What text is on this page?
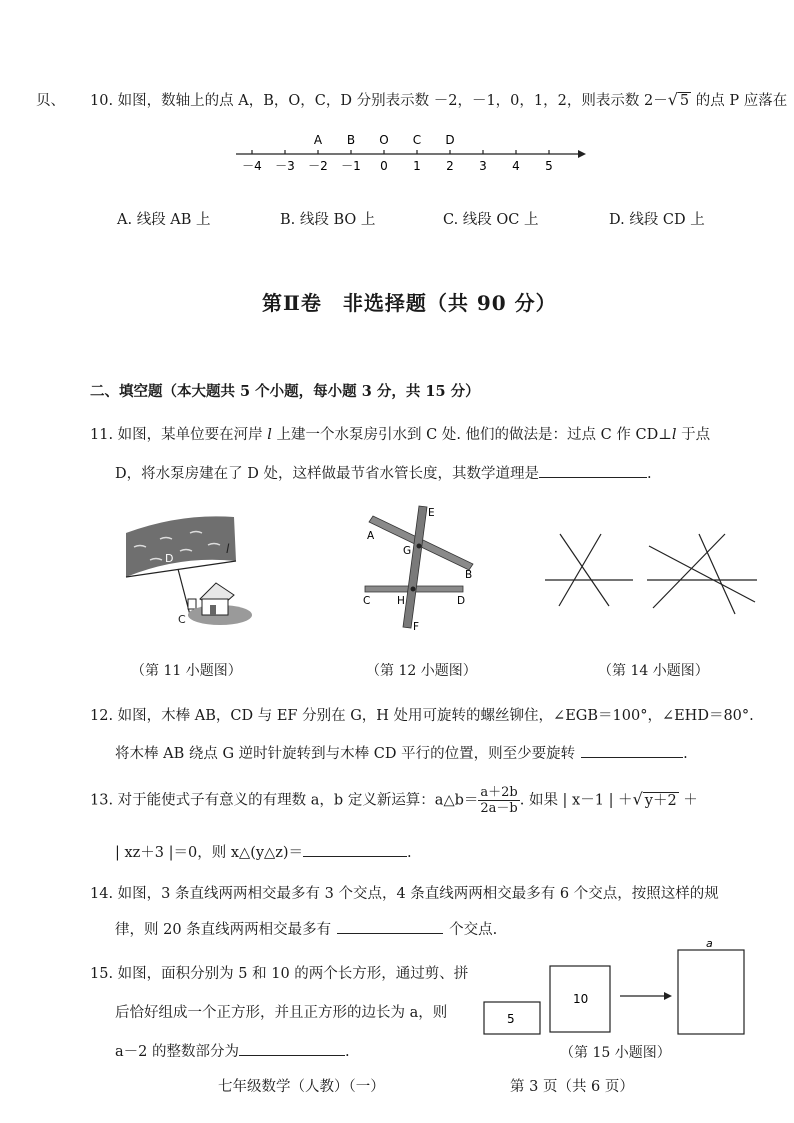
贝、 10. 如图，数轴上的点 A，B，O，C，D 分别表示数 －2，－1，0，1，2，则表示数 2－√ 5 的点 P 应落在
－4 －3 －2 －1 0 1 2 3 4 5
A B O C D
A. 线段 AB 上	B. 线段 BO 上	C. 线段 OC 上	D. 线段 CD 上
第Ⅱ卷　非选择题（共 90 分）
二、填空题（本大题共 5 个小题，每小题 3 分，共 15 分）
11. 如图，某单位要在河岸 l 上建一个水泵房引水到 C 处. 他们的做法是：过点 C 作 CD⊥l 于点
D，将水泵房建在了 D 处，这样做最节省水管长度，其数学道理是	.
D
l
C
A
E
G
B
C	H	D
F
（第 11 小题图）	（第 12 小题图）	（第 14 小题图）
12. 如图，木棒 AB，CD 与 EF 分别在 G，H 处用可旋转的螺丝铆住，∠EGB＝100°，∠EHD＝80°.
将木棒 AB 绕点 G 逆时针旋转到与木棒 CD 平行的位置，则至少要旋转	.
13. 对于能使式子有意义的有理数 a，b 定义新运算：a△b＝ $\frac{a+2b}{2a-b}$ . 如果 | x－1 | ＋√ y＋2 ＋
| xz＋3 |＝0，则 x△(y△z)＝	.
14. 如图，3 条直线两两相交最多有 3 个交点，4 条直线两两相交最多有 6 个交点，按照这样的规
律，则 20 条直线两两相交最多有	个交点.
15. 如图，面积分别为 5 和 10 的两个长方形，通过剪、拼
后恰好组成一个正方形，并且正方形的边长为 a，则
a－2 的整数部分为	.
5
10
a
（第 15 小题图）
七年级数学（人教）（一）	第 3 页（共 6 页）
